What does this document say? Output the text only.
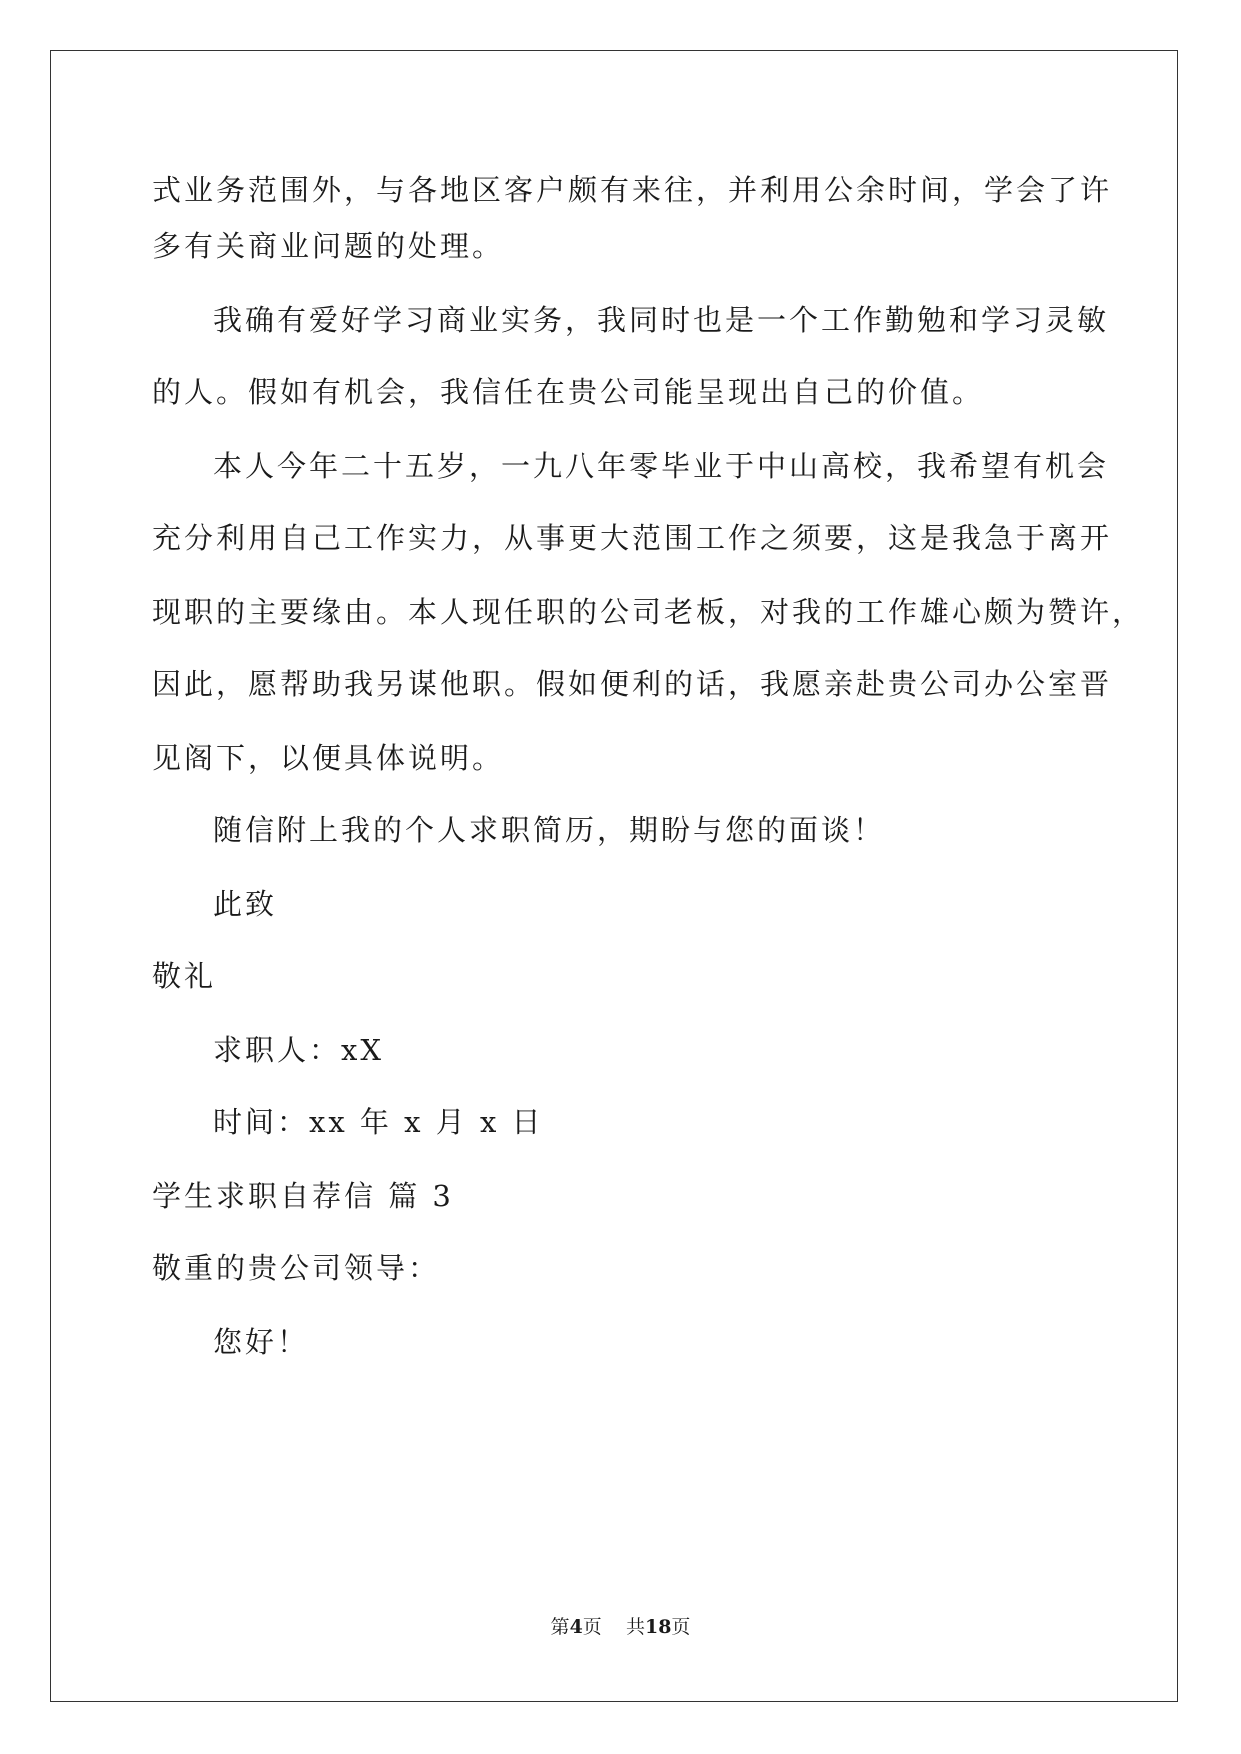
式业务范围外，与各地区客户颇有来往，并利用公余时间，学会了许
多有关商业问题的处理。
我确有爱好学习商业实务，我同时也是一个工作勤勉和学习灵敏
的人。假如有机会，我信任在贵公司能呈现出自己的价值。
本人今年二十五岁，一九八年零毕业于中山高校，我希望有机会
充分利用自己工作实力，从事更大范围工作之须要，这是我急于离开
现职的主要缘由。本人现任职的公司老板，对我的工作雄心颇为赞许，
因此，愿帮助我另谋他职。假如便利的话，我愿亲赴贵公司办公室晋
见阁下，以便具体说明。
随信附上我的个人求职简历，期盼与您的面谈！
此致
敬礼
求职人：xX
时间：xx 年 x 月 x 日
学生求职自荐信 篇 3
敬重的贵公司领导：
您好！
第4页    共18页
